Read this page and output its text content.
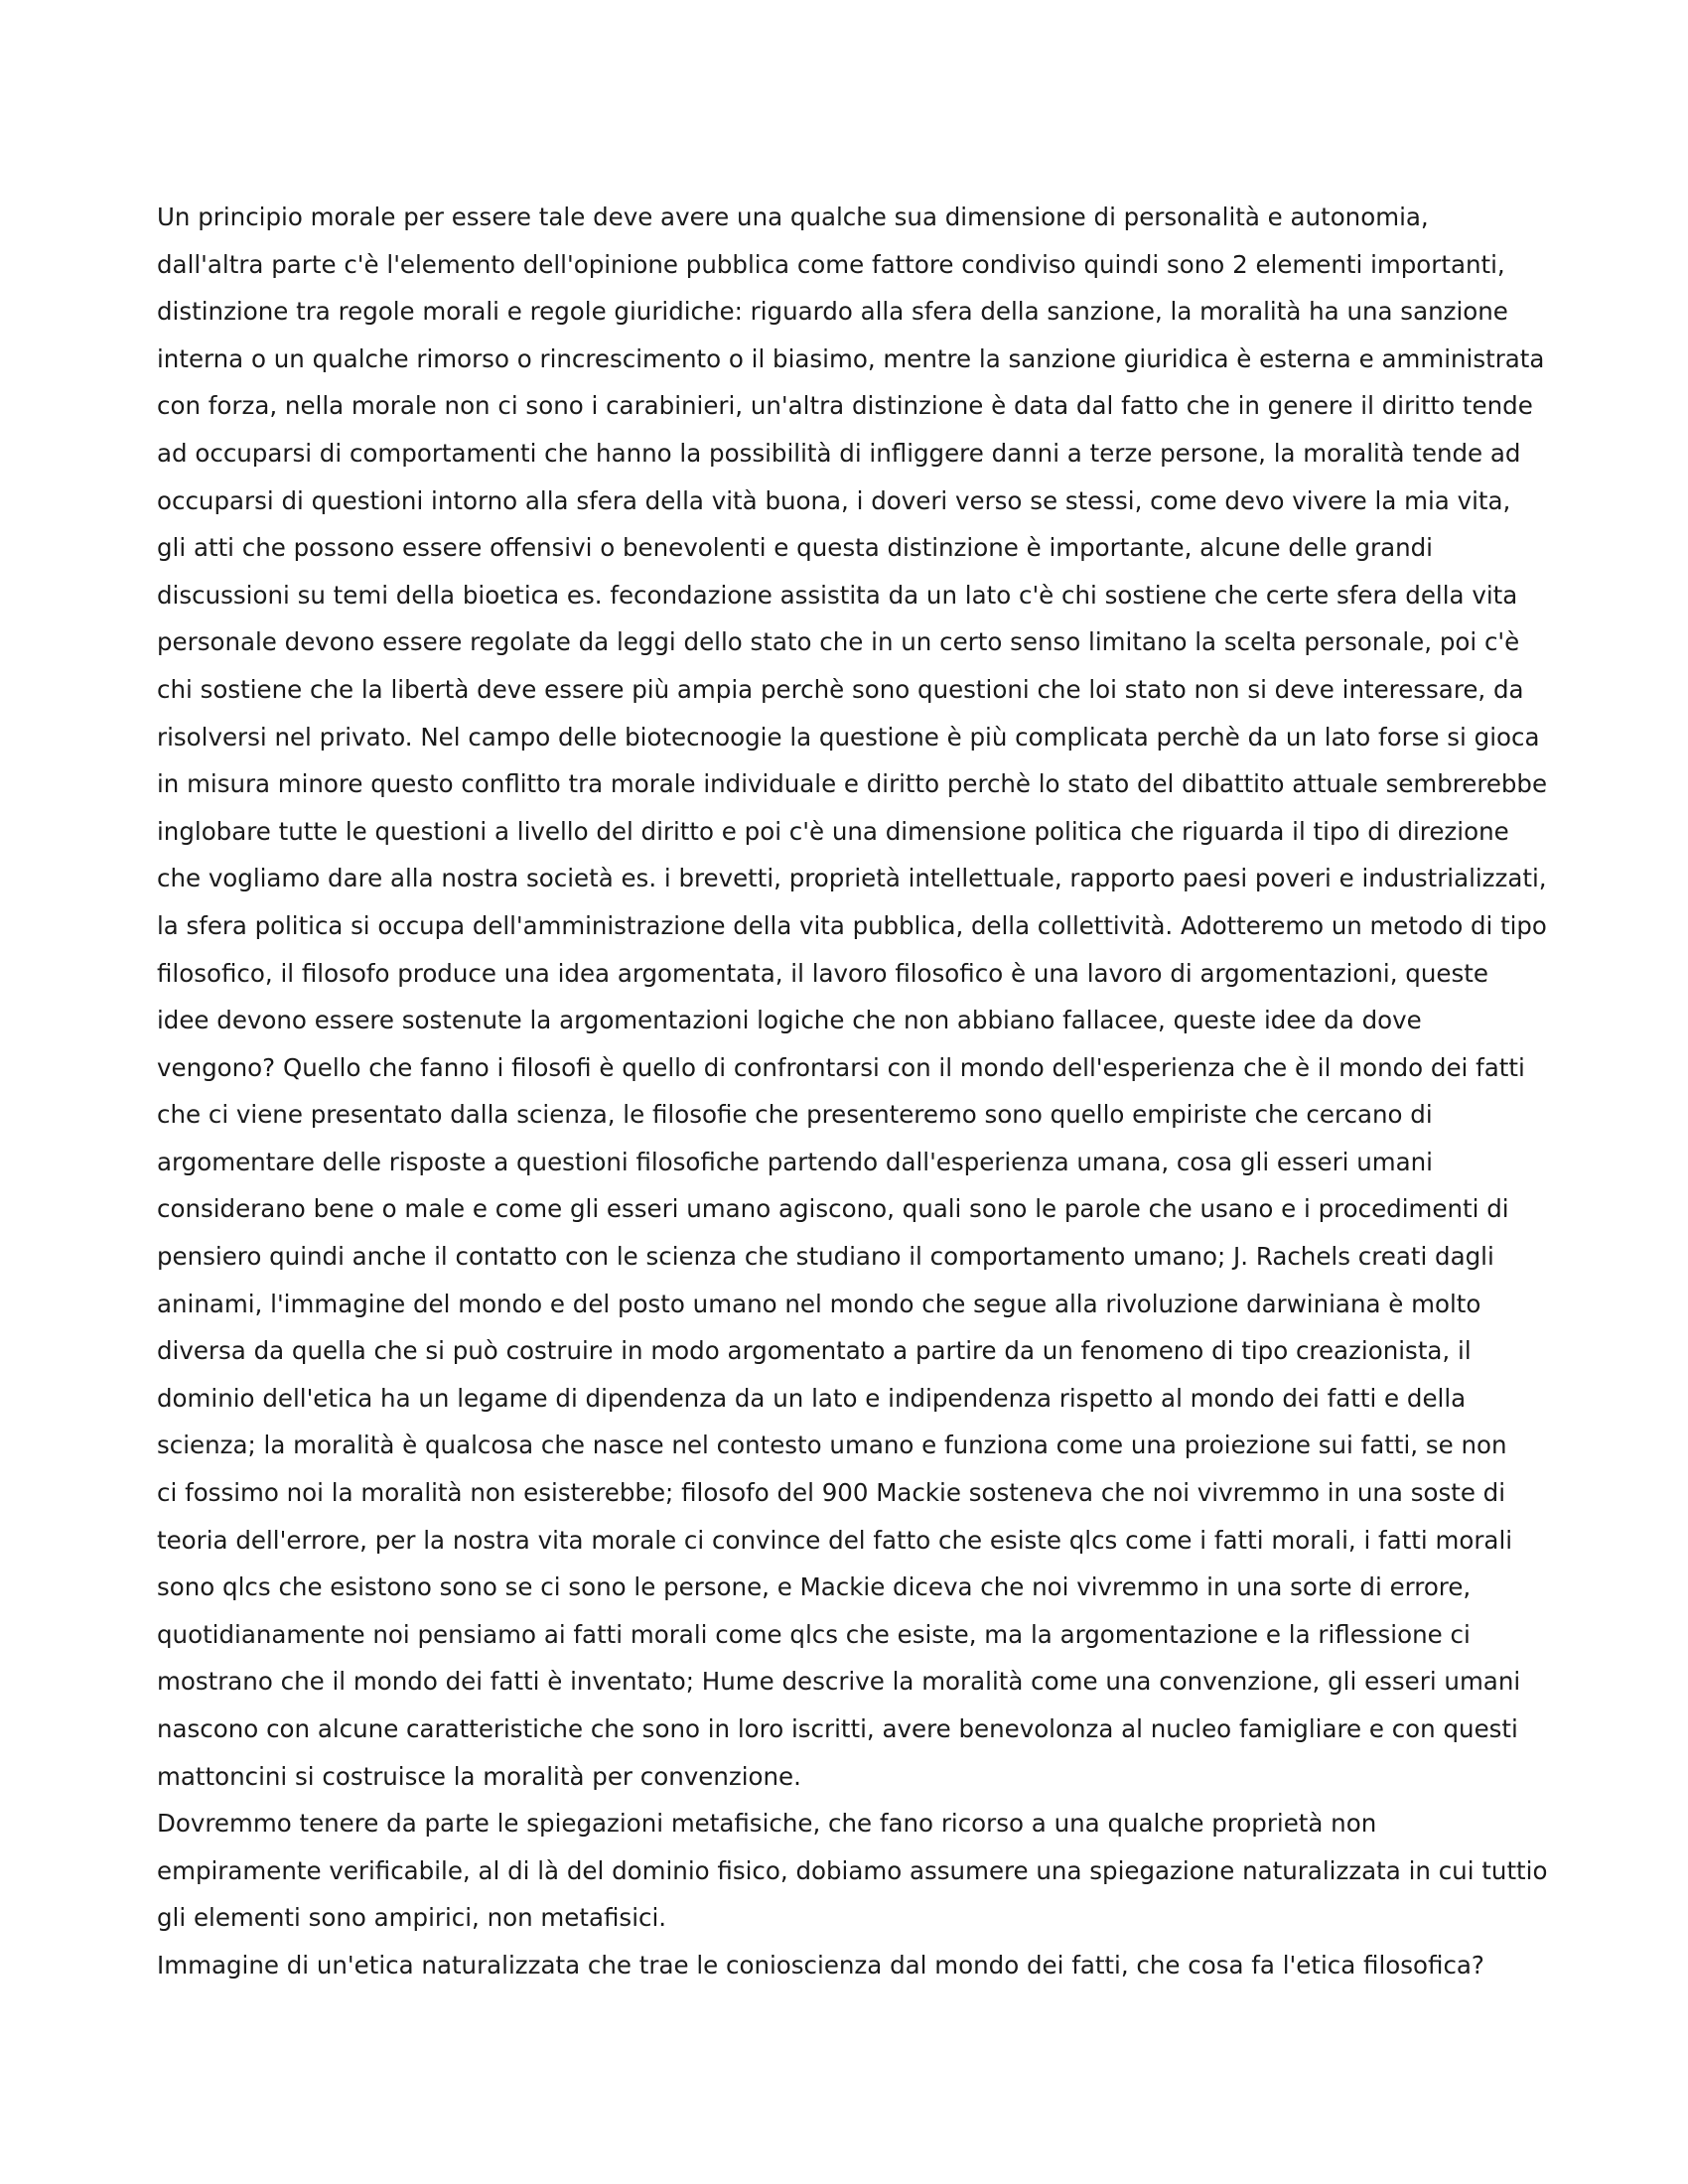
Un principio morale per essere tale deve avere una qualche sua dimensione di personalità e autonomia,
dall'altra parte c'è l'elemento dell'opinione pubblica come fattore condiviso quindi sono 2 elementi importanti,
distinzione tra regole morali e regole giuridiche: riguardo alla sfera della sanzione, la moralità ha una sanzione
interna o un qualche rimorso o rincrescimento o il biasimo, mentre la sanzione giuridica è esterna e amministrata
con forza, nella morale non ci sono i carabinieri, un'altra distinzione è data dal fatto che in genere il diritto tende
ad occuparsi di comportamenti che hanno la possibilità di infliggere danni a terze persone, la moralità tende ad
occuparsi di questioni intorno alla sfera della vità buona, i doveri verso se stessi, come devo vivere la mia vita,
gli atti che possono essere offensivi o benevolenti e questa distinzione è importante, alcune delle grandi
discussioni su temi della bioetica es. fecondazione assistita da un lato c'è chi sostiene che certe sfera della vita
personale devono essere regolate da leggi dello stato che in un certo senso limitano la scelta personale, poi c'è
chi sostiene che la libertà deve essere più ampia perchè sono questioni che loi stato non si deve interessare, da
risolversi nel privato. Nel campo delle biotecnoogie la questione è più complicata perchè da un lato forse si gioca
in misura minore questo conflitto tra morale individuale e diritto perchè lo stato del dibattito attuale sembrerebbe
inglobare tutte le questioni a livello del diritto e poi c'è una dimensione politica che riguarda il tipo di direzione
che vogliamo dare alla nostra società es. i brevetti, proprietà intellettuale, rapporto paesi poveri e industrializzati,
la sfera politica si occupa dell'amministrazione della vita pubblica, della collettività. Adotteremo un metodo di tipo
filosofico, il filosofo produce una idea argomentata, il lavoro filosofico è una lavoro di argomentazioni, queste
idee devono essere sostenute la argomentazioni logiche che non abbiano fallacee, queste idee da dove
vengono? Quello che fanno i filosofi è quello di confrontarsi con il mondo dell'esperienza che è il mondo dei fatti
che ci viene presentato dalla scienza, le filosofie che presenteremo sono quello empiriste che cercano di
argomentare delle risposte a questioni filosofiche partendo dall'esperienza umana, cosa gli esseri umani
considerano bene o male e come gli esseri umano agiscono, quali sono le parole che usano e i procedimenti di
pensiero quindi anche il contatto con le scienza che studiano il comportamento umano; J. Rachels creati dagli
aninami, l'immagine del mondo e del posto umano nel mondo che segue alla rivoluzione darwiniana è molto
diversa da quella che si può costruire in modo argomentato a partire da un fenomeno di tipo creazionista, il
dominio dell'etica ha un legame di dipendenza da un lato e indipendenza rispetto al mondo dei fatti e della
scienza; la moralità è qualcosa che nasce nel contesto umano e funziona come una proiezione sui fatti, se non
ci fossimo noi la moralità non esisterebbe; filosofo del 900 Mackie sosteneva che noi vivremmo in una soste di
teoria dell'errore, per la nostra vita morale ci convince del fatto che esiste qlcs come i fatti morali, i fatti morali
sono qlcs che esistono sono se ci sono le persone, e Mackie diceva che noi vivremmo in una sorte di errore,
quotidianamente noi pensiamo ai fatti morali come qlcs che esiste, ma la argomentazione e la riflessione ci
mostrano che il mondo dei fatti è inventato; Hume descrive la moralità come una convenzione, gli esseri umani
nascono con alcune caratteristiche che sono in loro iscritti, avere benevolonza al nucleo famigliare e con questi
mattoncini si costruisce la moralità per convenzione.
Dovremmo tenere da parte le spiegazioni metafisiche, che fano ricorso a una qualche proprietà non
empiramente verificabile, al di là del dominio fisico, dobiamo assumere una spiegazione naturalizzata in cui tuttio
gli elementi sono ampirici, non metafisici.
Immagine di un'etica naturalizzata che trae le conioscienza dal mondo dei fatti, che cosa fa l'etica filosofica?
